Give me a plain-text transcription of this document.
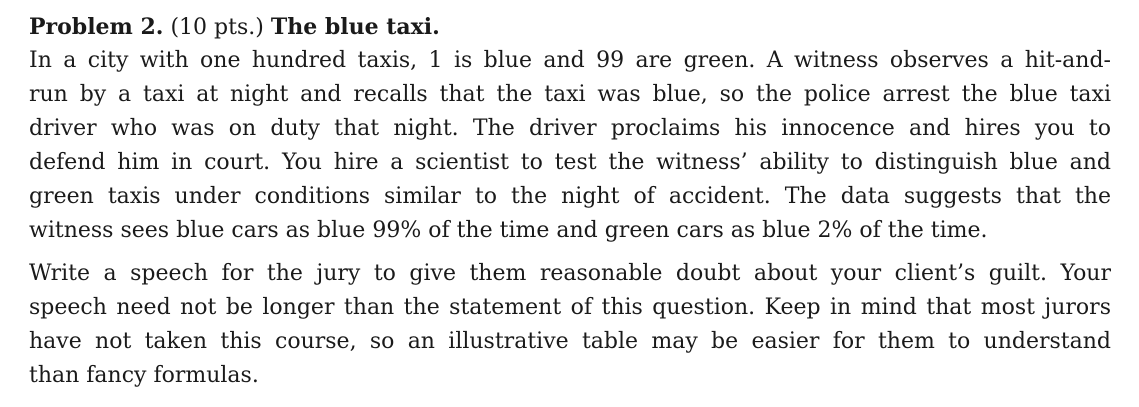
Problem 2. (10 pts.) The blue taxi.
In a city with one hundred taxis, 1 is blue and 99 are green. A witness observes a hit-and-
run by a taxi at night and recalls that the taxi was blue, so the police arrest the blue taxi
driver who was on duty that night. The driver proclaims his innocence and hires you to
defend him in court. You hire a scientist to test the witness’ ability to distinguish blue and
green taxis under conditions similar to the night of accident. The data suggests that the
witness sees blue cars as blue 99% of the time and green cars as blue 2% of the time.
Write a speech for the jury to give them reasonable doubt about your client’s guilt. Your
speech need not be longer than the statement of this question. Keep in mind that most jurors
have not taken this course, so an illustrative table may be easier for them to understand
than fancy formulas.
